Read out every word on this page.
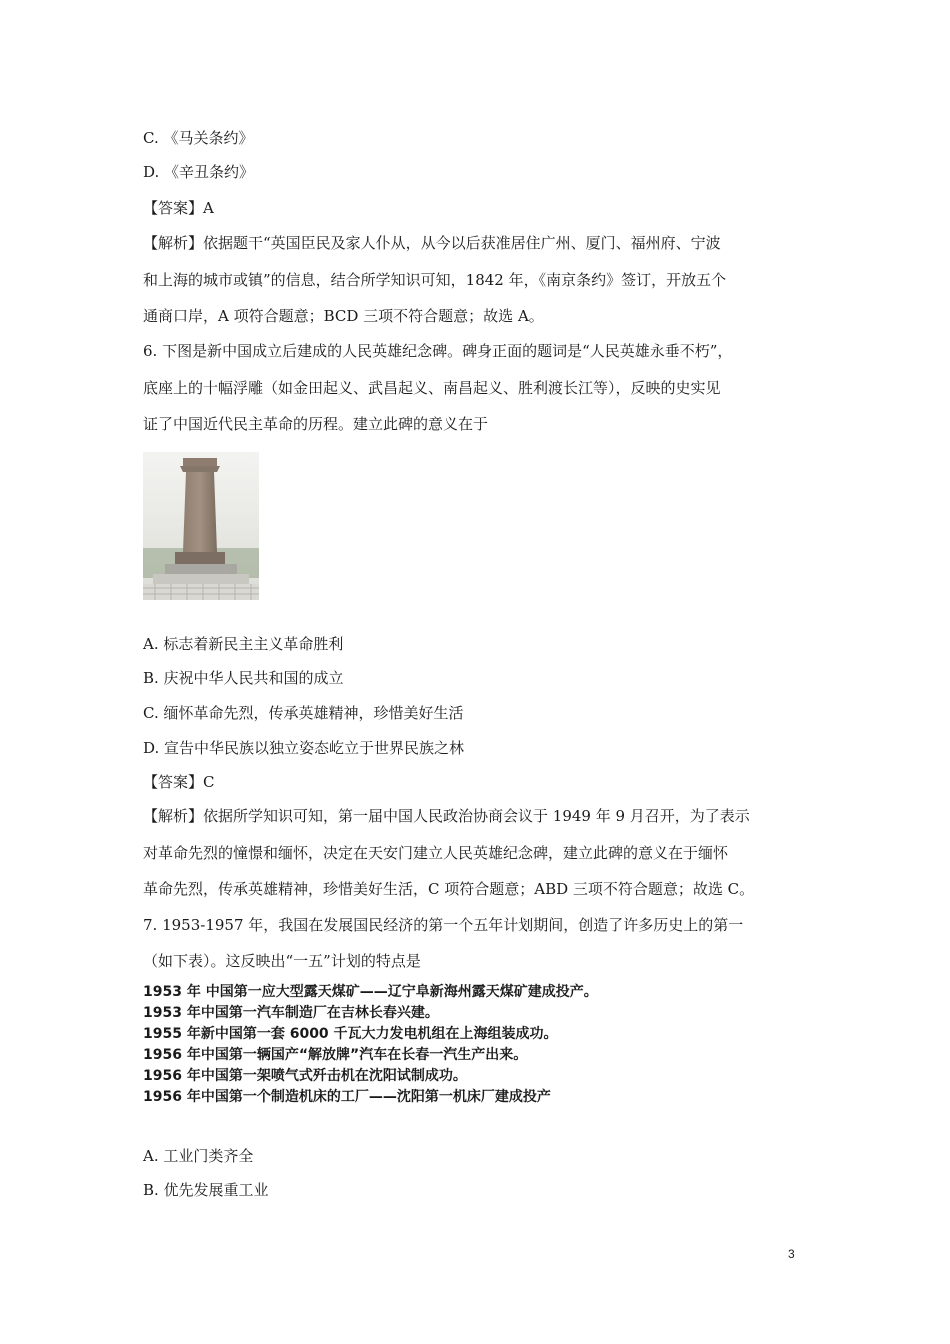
C. 《马关条约》
D. 《辛丑条约》
【答案】A
【解析】依据题干“英国臣民及家人仆从，从今以后获准居住广州、厦门、福州府、宁波
和上海的城市或镇”的信息，结合所学知识可知，1842 年，《南京条约》签订，开放五个
通商口岸，A 项符合题意；BCD 三项不符合题意；故选 A。
6. 下图是新中国成立后建成的人民英雄纪念碑。碑身正面的题词是“人民英雄永垂不朽”，
底座上的十幅浮雕（如金田起义、武昌起义、南昌起义、胜利渡长江等），反映的史实见
证了中国近代民主革命的历程。建立此碑的意义在于
A. 标志着新民主主义革命胜利
B. 庆祝中华人民共和国的成立
C. 缅怀革命先烈，传承英雄精神，珍惜美好生活
D. 宣告中华民族以独立姿态屹立于世界民族之林
【答案】C
【解析】依据所学知识可知，第一届中国人民政治协商会议于 1949 年 9 月召开，为了表示
对革命先烈的憧憬和缅怀，决定在天安门建立人民英雄纪念碑，建立此碑的意义在于缅怀
革命先烈，传承英雄精神，珍惜美好生活，C 项符合题意；ABD 三项不符合题意；故选 C。
7. 1953-1957 年，我国在发展国民经济的第一个五年计划期间，创造了许多历史上的第一
（如下表）。这反映出“一五”计划的特点是
1953 年 中国第一应大型露天煤矿——辽宁阜新海州露天煤矿建成投产。
1953 年中国第一汽车制造厂在吉林长春兴建。
1955 年新中国第一套 6000 千瓦大力发电机组在上海组装成功。
1956 年中国第一辆国产“解放牌”汽车在长春一汽生产出来。
1956 年中国第一架喷气式歼击机在沈阳试制成功。
1956 年中国第一个制造机床的工厂——沈阳第一机床厂建成投产
A. 工业门类齐全
B. 优先发展重工业
3
